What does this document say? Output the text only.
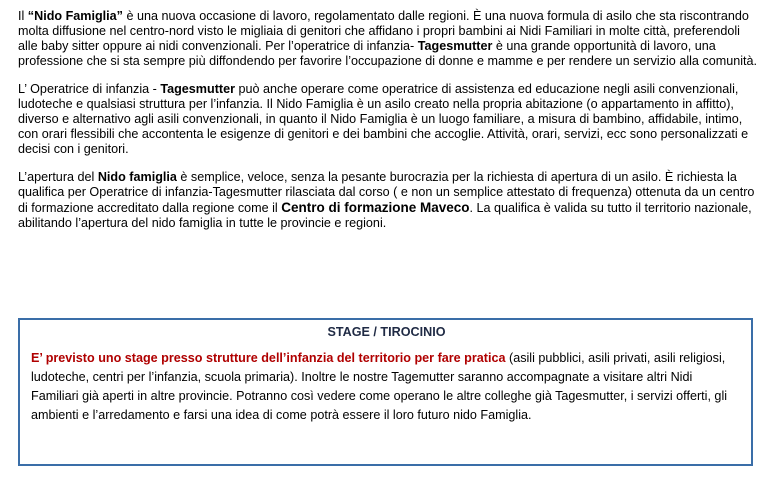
Il “Nido Famiglia” è una nuova occasione di lavoro, regolamentato dalle regioni. È una nuova formula di asilo che sta riscontrando molta diffusione nel centro-nord visto le migliaia di genitori che affidano i propri bambini ai Nidi Familiari in molte città, preferendoli alle baby sitter oppure ai nidi convenzionali. Per l’operatrice di infanzia- Tagesmutter è una grande opportunità di lavoro, una professione che si sta sempre più diffondendo per favorire l’occupazione di donne e mamme e per rendere un servizio alla comunità.

L’ Operatrice di infanzia - Tagesmutter può anche operare come operatrice di assistenza ed educazione negli asili convenzionali, ludoteche e qualsiasi struttura per l’infanzia. Il Nido Famiglia è un asilo creato nella propria abitazione (o appartamento in affitto), diverso e alternativo agli asili convenzionali, in quanto il Nido Famiglia è un luogo familiare, a misura di bambino, affidabile, intimo, con orari flessibili che accontenta le esigenze di genitori e dei bambini che accoglie. Attività, orari, servizi, ecc sono personalizzati e decisi con i genitori.

L’apertura del Nido famiglia è semplice, veloce, senza la pesante burocrazia per la richiesta di apertura di un asilo. È richiesta la qualifica per Operatrice di infanzia-Tagesmutter rilasciata dal corso ( e non un semplice attestato di frequenza) ottenuta da un centro di formazione accreditato dalla regione come il Centro di formazione Maveco. La qualifica è valida su tutto il territorio nazionale, abilitando l’apertura del nido famiglia in tutte le provincie e regioni.

STAGE / TIROCINIO

E’ previsto uno stage presso strutture dell’infanzia del territorio per fare pratica (asili pubblici, asili privati, asili religiosi, ludoteche, centri per l’infanzia, scuola primaria). Inoltre le nostre Tagemutter saranno accompagnate a visitare altri Nidi Familiari già aperti in altre provincie. Potranno così vedere come operano le altre colleghe già Tagesmutter, i servizi offerti, gli ambienti e l’arredamento e farsi una idea di come potrà essere il loro futuro nido Famiglia.
